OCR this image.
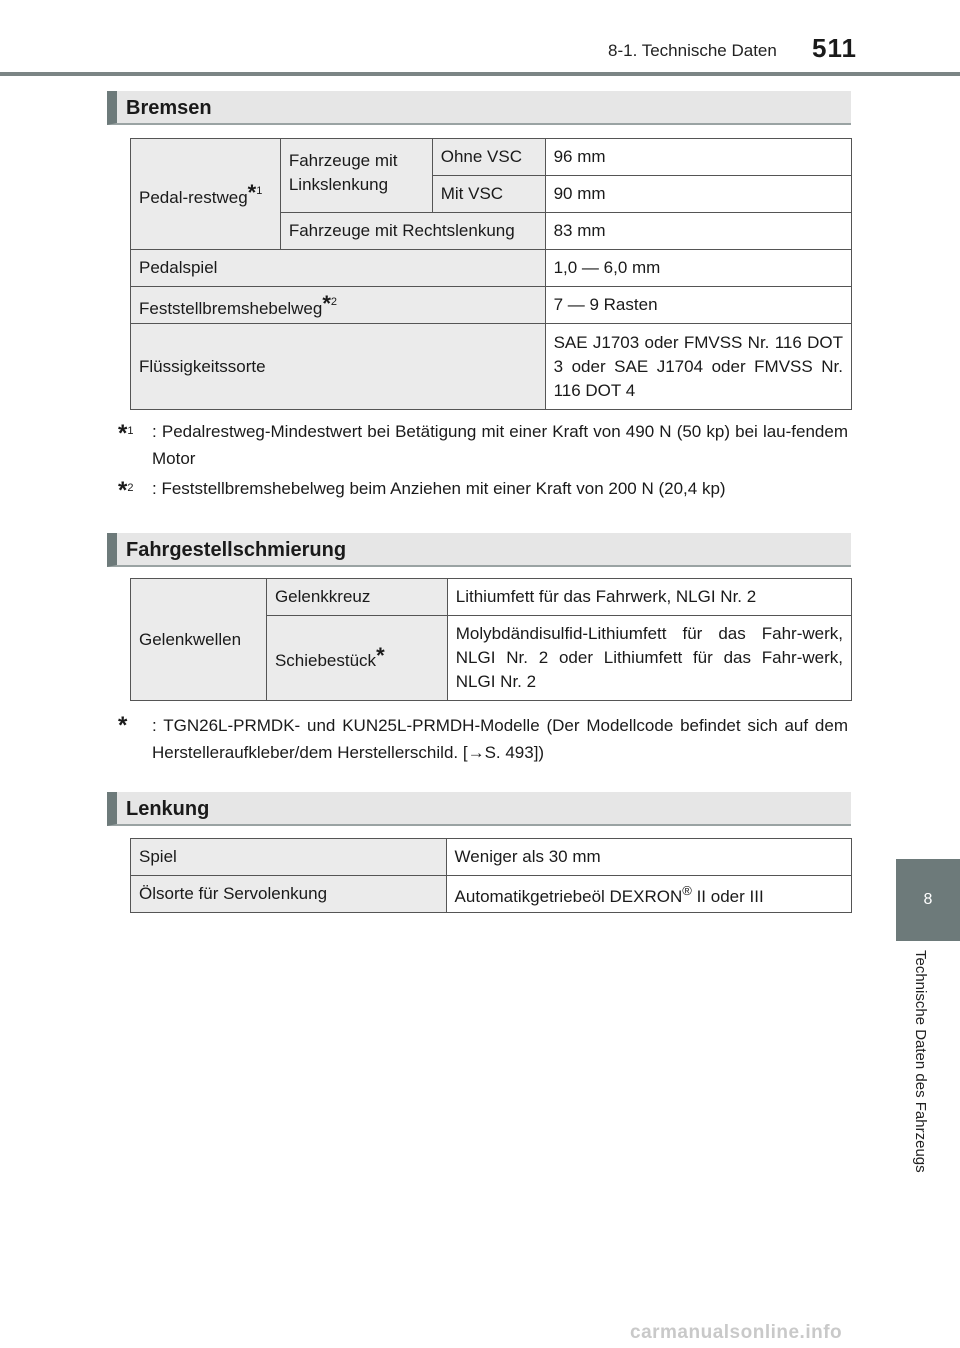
8-1. Technische Daten 511
8
Technische Daten des Fahrzeugs
Bremsen
Pedal-restweg*$^1$	Fahrzeuge mit Linkslenkung	Ohne VSC	96 mm
		Mit VSC	90 mm
	Fahrzeuge mit Rechtslenkung		83 mm
Pedalspiel			1,0 — 6,0 mm
Feststellbremshebelweg*$^2$			7 — 9 Rasten
Flüssigkeitssorte			SAE J1703 oder FMVSS Nr. 116 DOT 3 oder SAE J1704 oder FMVSS Nr. 116 DOT 4
*$^1$ : Pedalrestweg-Mindestwert bei Betätigung mit einer Kraft von 490 N (50 kp) bei lau-fendem Motor
*$^2$ : Feststellbremshebelweg beim Anziehen mit einer Kraft von 200 N (20,4 kp)
Fahrgestellschmierung
Gelenkwellen	Gelenkkreuz	Lithiumfett für das Fahrwerk, NLGI Nr. 2
	Schiebestück*	Molybdändisulfid-Lithiumfett für das Fahr-werk, NLGI Nr. 2 oder Lithiumfett für das Fahr-werk, NLGI Nr. 2
* : TGN26L-PRMDK- und KUN25L-PRMDH-Modelle (Der Modellcode befindet sich auf dem Herstelleraufkleber/dem Herstellerschild. [→S. 493])
Lenkung
Spiel	Weniger als 30 mm
Ölsorte für Servolenkung	Automatikgetriebeöl DEXRON® II oder III
carmanualsonline.info
